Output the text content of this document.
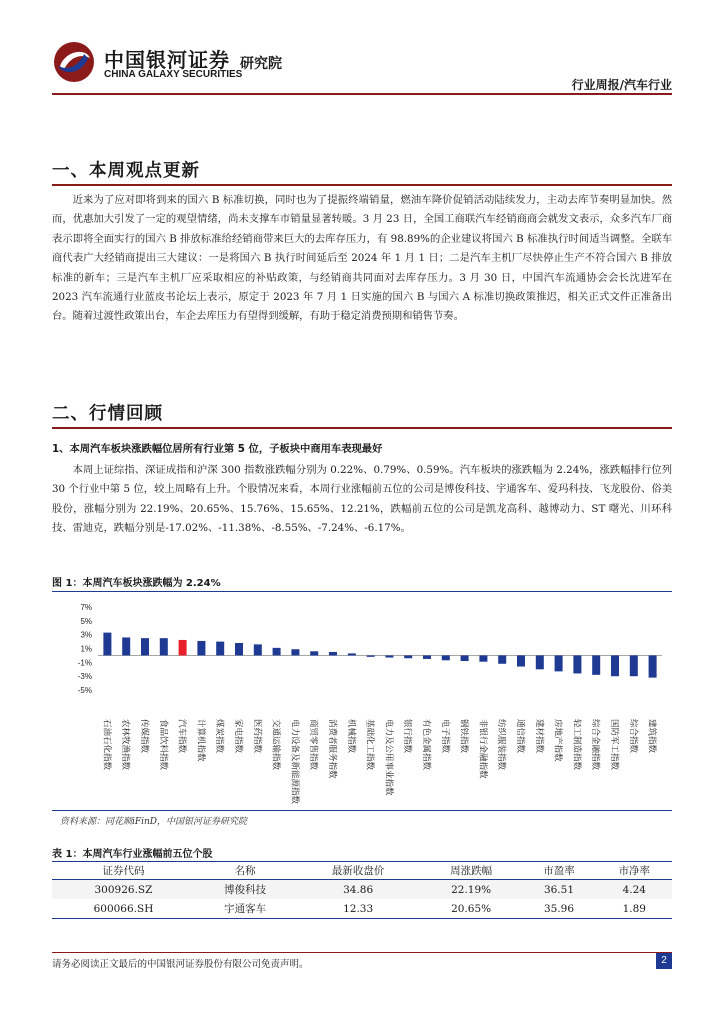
中国银河证券
CHINA GALAXY SECURITIES
研究院
行业周报/汽车行业
一、本周观点更新

近来为了应对即将到来的国六 B 标准切换，同时也为了提振终端销量，燃油车降价促销活动陆续发力，主动去库节奏明显加快。然而，优惠加大引发了一定的观望情绪，尚未支撑车市销量显著转暖。3 月 23 日，全国工商联汽车经销商商会就发文表示，众多汽车厂商表示即将全面实行的国六 B 排放标准给经销商带来巨大的去库存压力，有 98.89%的企业建议将国六 B 标准执行时间适当调整。全联车商代表广大经销商提出三大建议：一是将国六 B 执行时间延后至 2024 年 1 月 1 日；二是汽车主机厂尽快停止生产不符合国六 B 排放标准的新车；三是汽车主机厂应采取相应的补贴政策，与经销商共同面对去库存压力。3 月 30 日，中国汽车流通协会会长沈进军在 2023 汽车流通行业蓝皮书论坛上表示，原定于 2023 年 7 月 1 日实施的国六 B 与国六 A 标准切换政策推迟，相关正式文件正准备出台。随着过渡性政策出台，车企去库压力有望得到缓解，有助于稳定消费预期和销售节奏。

二、行情回顾
1、本周汽车板块涨跌幅位居所有行业第 5 位，子板块中商用车表现最好

本周上证综指、深证成指和沪深 300 指数涨跌幅分别为 0.22%、0.79%、0.59%。汽车板块的涨跌幅为 2.24%，涨跌幅排行位列 30 个行业中第 5 位，较上周略有上升。个股情况来看，本周行业涨幅前五位的公司是博俊科技、宇通客车、爱玛科技、飞龙股份、俗美股份，涨幅分别为 22.19%、20.65%、15.76%、15.65%、12.21%，跌幅前五位的公司是凯龙高科、越博动力、ST 曙光、川环科技、雷迪克，跌幅分别是-17.02%、-11.38%、-8.55%、-7.24%、-6.17%。

图 1：本周汽车板块涨跌幅为 2.24%
7%
5%
3%
1%
-1%
-3%
-5%
石油石化指数 农林牧渔指数 传媒指数 食品饮料指数 汽车指数 计算机指数 煤炭指数 家电指数 医药指数 交通运输指数 电力设备及新能源指数 商贸零售指数 消费者服务指数 机械指数 基础化工指数 电力及公用事业指数 银行指数 有色金属指数 电子指数 钢铁指数 非银行金融指数 纺织服装指数 通信指数 建材指数 房地产指数 轻工制造指数 综合金融指数 国防军工指数 综合指数 建筑指数
资料来源：同花顺iFinD，中国银河证券研究院
表 1：本周汽车行业涨幅前五位个股
证券代码	名称	最新收盘价	周涨跌幅	市盈率	市净率
300926.SZ	博俊科技	34.86	22.19%	36.51	4.24
600066.SH	宇通客车	12.33	20.65%	35.96	1.89
请务必阅读正文最后的中国银河证券股份有限公司免责声明。	2
